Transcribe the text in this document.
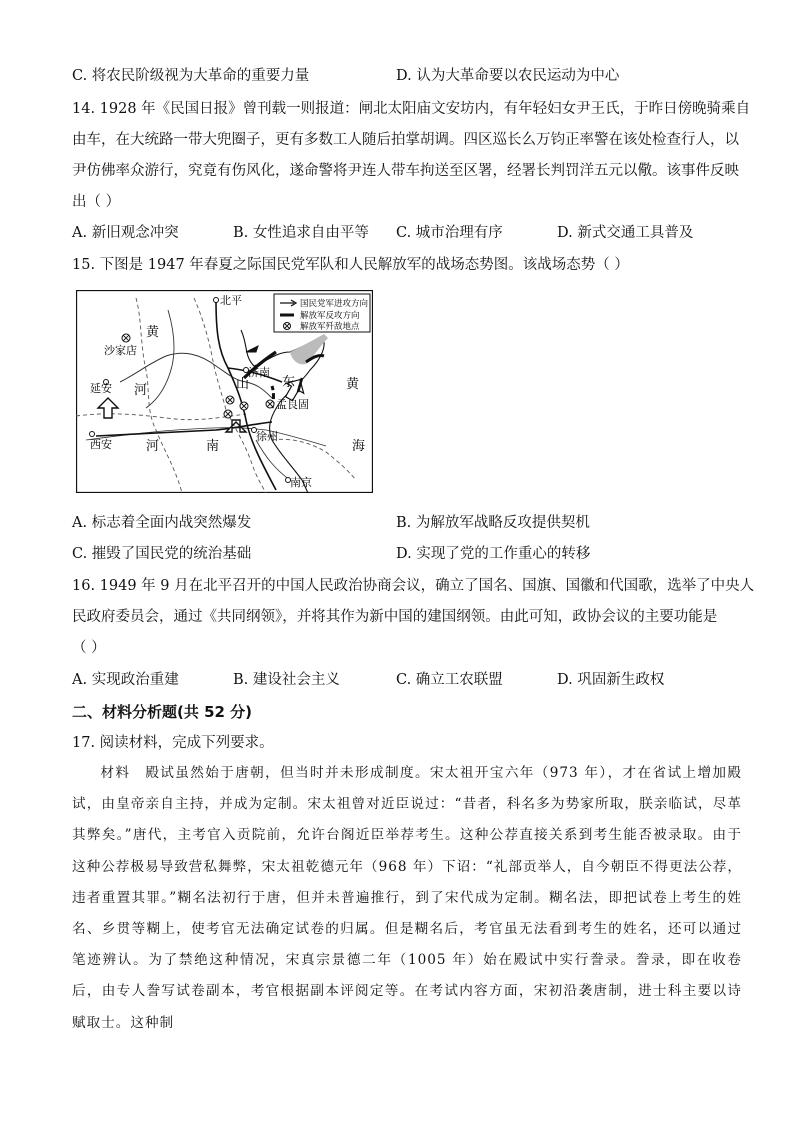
C. 将农民阶级视为大革命的重要力量	D. 认为大革命要以农民运动为中心
14. 1928 年《民国日报》曾刊载一则报道：闸北太阳庙文安坊内，有年轻妇女尹王氏，于昨日傍晚骑乘自
由车，在大统路一带大兜圈子，更有多数工人随后拍掌胡调。四区巡长么万钧正率警在该处检查行人，以
尹仿佛率众游行，究竟有伤风化，遂命警将尹连人带车拘送至区署，经署长判罚洋五元以儆。该事件反映
出（ ）
A. 新旧观念冲突	B. 女性追求自由平等 C. 城市治理有序	D. 新式交通工具普及
15. 下图是 1947 年春夏之际国民党军队和人民解放军的战场态势图。该战场态势（ ）
国民党军进攻方向
解放军反攻方向
解放军歼敌地点
北平
沙家店
延安
西安
济南
孟良固
徐州
南京
黄
河
河	南
山	东	黄
海
A. 标志着全面内战突然爆发	B. 为解放军战略反攻提供契机
C. 摧毁了国民党的统治基础	D. 实现了党的工作重心的转移
16. 1949 年 9 月在北平召开的中国人民政治协商会议，确立了国名、国旗、国徽和代国歌，选举了中央人
民政府委员会，通过《共同纲领》，并将其作为新中国的建国纲领。由此可知，政协会议的主要功能是
（ ）
A. 实现政治重建	B. 建设社会主义	C. 确立工农联盟	D. 巩固新生政权
二、材料分析题(共 52 分)
17. 阅读材料，完成下列要求。
材料　殿试虽然始于唐朝，但当时并未形成制度。宋太祖开宝六年（973 年），才在省试上增加殿试，由皇帝亲自主持，并成为定制。宋太祖曾对近臣说过：“昔者，科名多为势家所取，朕亲临试，尽革其弊矣。”唐代，主考官入贡院前，允许台阁近臣举荐考生。这种公荐直接关系到考生能否被录取。由于这种公荐极易导致营私舞弊，宋太祖乾德元年（968 年）下诏：“礼部贡举人，自今朝臣不得更法公荐，违者重置其罪。”糊名法初行于唐，但并未普遍推行，到了宋代成为定制。糊名法，即把试卷上考生的姓名、乡贯等糊上，使考官无法确定试卷的归属。但是糊名后，考官虽无法看到考生的姓名，还可以通过笔迹辨认。为了禁绝这种情况，宋真宗景德二年（1005 年）始在殿试中实行誊录。誊录，即在收卷后，由专人誊写试卷副本，考官根据副本评阅定等。在考试内容方面，宋初沿袭唐制，进士科主要以诗赋取士。这种制
